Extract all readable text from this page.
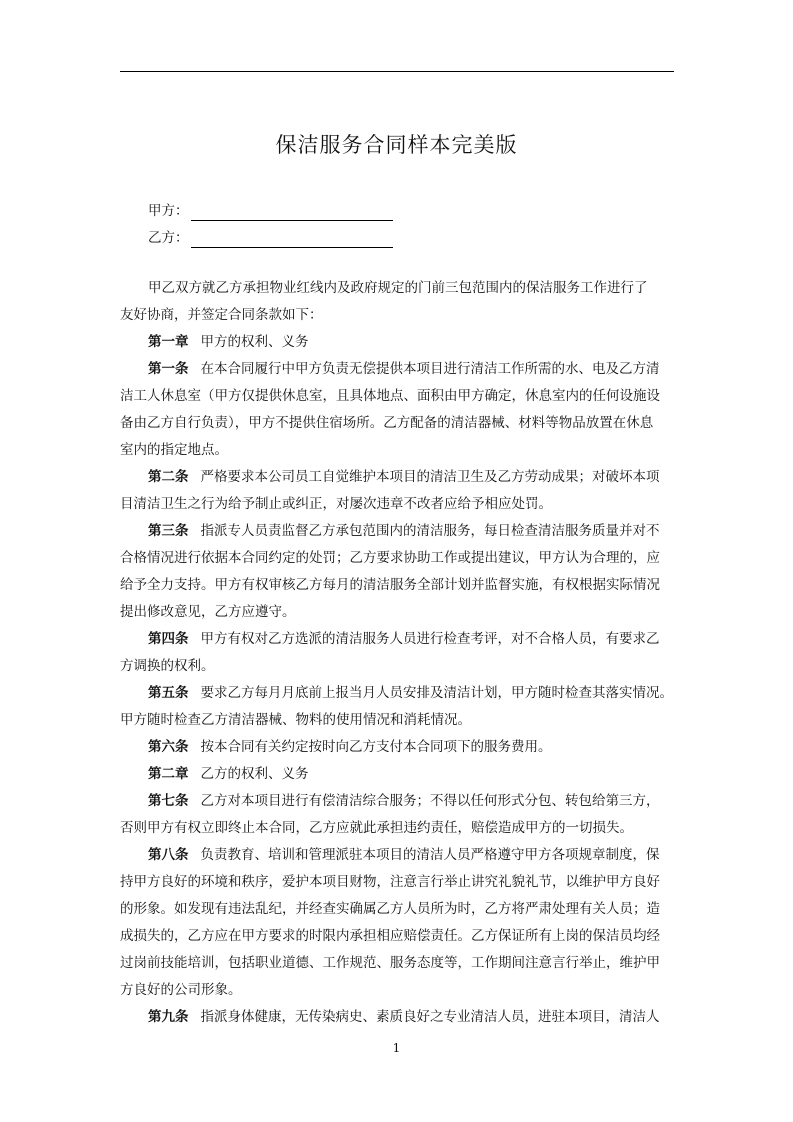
保洁服务合同样本完美版
甲方：
乙方：
甲乙双方就乙方承担物业红线内及政府规定的门前三包范围内的保洁服务工作进行了
友好协商，并签定合同条款如下：
第一章 甲方的权利、义务
第一条 在本合同履行中甲方负责无偿提供本项目进行清洁工作所需的水、电及乙方清
洁工人休息室（甲方仅提供休息室，且具体地点、面积由甲方确定，休息室内的任何设施设
备由乙方自行负责），甲方不提供住宿场所。乙方配备的清洁器械、材料等物品放置在休息
室内的指定地点。
第二条 严格要求本公司员工自觉维护本项目的清洁卫生及乙方劳动成果；对破坏本项
目清洁卫生之行为给予制止或纠正，对屡次违章不改者应给予相应处罚。
第三条 指派专人员责监督乙方承包范围内的清洁服务，每日检查清洁服务质量并对不
合格情况进行依据本合同约定的处罚；乙方要求协助工作或提出建议，甲方认为合理的，应
给予全力支持。甲方有权审核乙方每月的清洁服务全部计划并监督实施，有权根据实际情况
提出修改意见，乙方应遵守。
第四条 甲方有权对乙方选派的清洁服务人员进行检查考评，对不合格人员，有要求乙
方调换的权利。
第五条 要求乙方每月月底前上报当月人员安排及清洁计划，甲方随时检查其落实情况。
甲方随时检查乙方清洁器械、物料的使用情况和消耗情况。
第六条 按本合同有关约定按时向乙方支付本合同项下的服务费用。
第二章 乙方的权利、义务
第七条 乙方对本项目进行有偿清洁综合服务；不得以任何形式分包、转包给第三方，
否则甲方有权立即终止本合同，乙方应就此承担违约责任，赔偿造成甲方的一切损失。
第八条 负责教育、培训和管理派驻本项目的清洁人员严格遵守甲方各项规章制度，保
持甲方良好的环境和秩序，爱护本项目财物，注意言行举止讲究礼貌礼节，以维护甲方良好
的形象。如发现有违法乱纪，并经查实确属乙方人员所为时，乙方将严肃处理有关人员；造
成损失的，乙方应在甲方要求的时限内承担相应赔偿责任。乙方保证所有上岗的保洁员均经
过岗前技能培训，包括职业道德、工作规范、服务态度等，工作期间注意言行举止，维护甲
方良好的公司形象。
第九条 指派身体健康，无传染病史、素质良好之专业清洁人员，进驻本项目，清洁人
1
